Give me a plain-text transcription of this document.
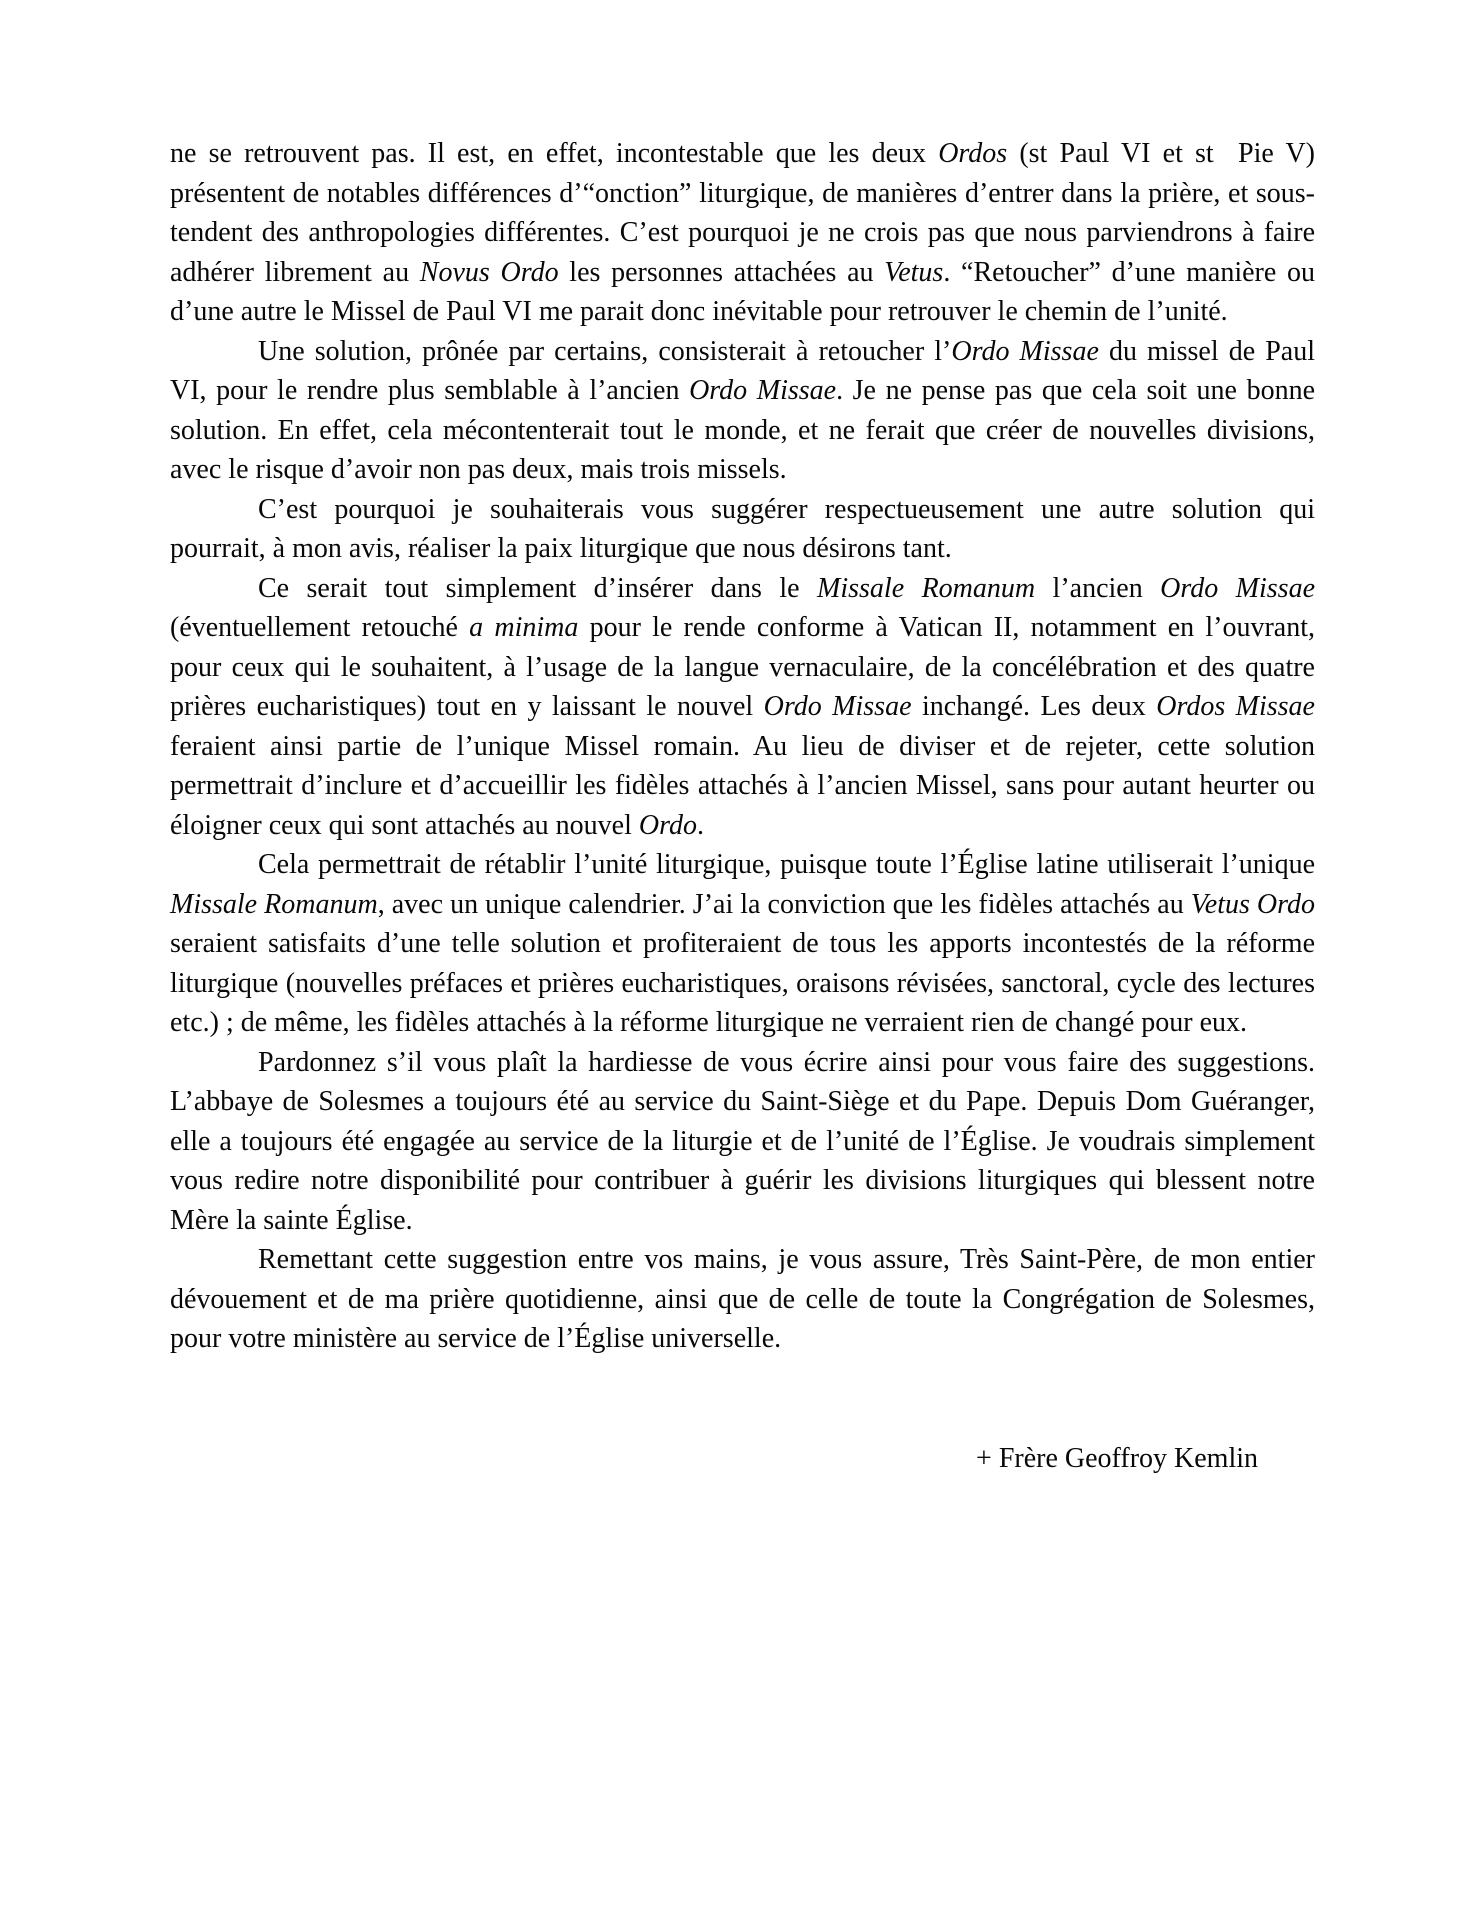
ne se retrouvent pas. Il est, en effet, incontestable que les deux Ordos (st Paul VI et st  Pie V) présentent de notables différences d’“onction” liturgique, de manières d’entrer dans la prière, et sous-tendent des anthropologies différentes. C’est pourquoi je ne crois pas que nous parviendrons à faire adhérer librement au Novus Ordo les personnes attachées au Vetus. “Retoucher” d’une manière ou d’une autre le Missel de Paul VI me parait donc inévitable pour retrouver le chemin de l’unité.

Une solution, prônée par certains, consisterait à retoucher l’Ordo Missae du missel de Paul VI, pour le rendre plus semblable à l’ancien Ordo Missae. Je ne pense pas que cela soit une bonne solution. En effet, cela mécontenterait tout le monde, et ne ferait que créer de nouvelles divisions, avec le risque d’avoir non pas deux, mais trois missels.

C’est pourquoi je souhaiterais vous suggérer respectueusement une autre solution qui pourrait, à mon avis, réaliser la paix liturgique que nous désirons tant.

Ce serait tout simplement d’insérer dans le Missale Romanum l’ancien Ordo Missae (éventuellement retouché a minima pour le rende conforme à Vatican II, notamment en l’ouvrant, pour ceux qui le souhaitent, à l’usage de la langue vernaculaire, de la concélébration et des quatre prières eucharistiques) tout en y laissant le nouvel Ordo Missae inchangé. Les deux Ordos Missae feraient ainsi partie de l’unique Missel romain. Au lieu de diviser et de rejeter, cette solution permettrait d’inclure et d’accueillir les fidèles attachés à l’ancien Missel, sans pour autant heurter ou éloigner ceux qui sont attachés au nouvel Ordo.

Cela permettrait de rétablir l’unité liturgique, puisque toute l’Église latine utiliserait l’unique Missale Romanum, avec un unique calendrier. J’ai la conviction que les fidèles attachés au Vetus Ordo seraient satisfaits d’une telle solution et profiteraient de tous les apports incontestés de la réforme liturgique (nouvelles préfaces et prières eucharistiques, oraisons révisées, sanctoral, cycle des lectures etc.) ; de même, les fidèles attachés à la réforme liturgique ne verraient rien de changé pour eux.

Pardonnez s’il vous plaît la hardiesse de vous écrire ainsi pour vous faire des suggestions. L’abbaye de Solesmes a toujours été au service du Saint-Siège et du Pape. Depuis Dom Guéranger, elle a toujours été engagée au service de la liturgie et de l’unité de l’Église. Je voudrais simplement vous redire notre disponibilité pour contribuer à guérir les divisions liturgiques qui blessent notre Mère la sainte Église.

Remettant cette suggestion entre vos mains, je vous assure, Très Saint-Père, de mon entier dévouement et de ma prière quotidienne, ainsi que de celle de toute la Congrégation de Solesmes, pour votre ministère au service de l’Église universelle.

+ Frère Geoffroy Kemlin
